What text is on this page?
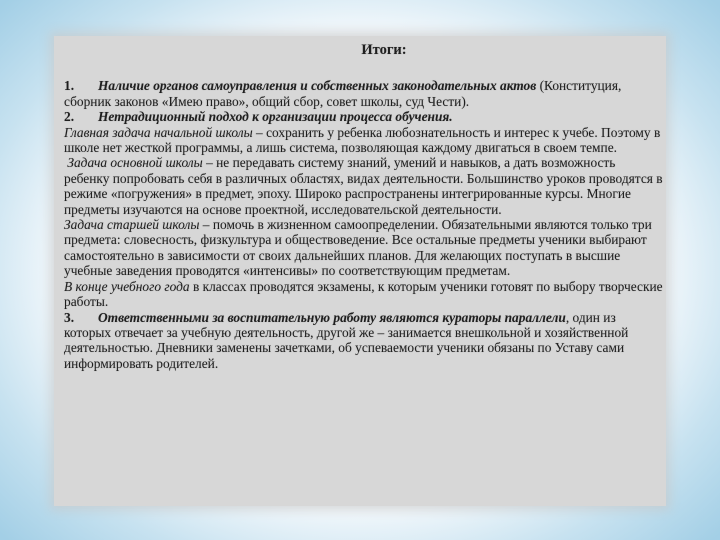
Итоги:

1. Наличие органов самоуправления и собственных законодательных актов (Конституция, сборник законов «Имею право», общий сбор, совет школы, суд Чести).

2. Нетрадиционный подход к организации процесса обучения.

Главная задача начальной школы – сохранить у ребенка любознательность и интерес к учебе. Поэтому в школе нет жесткой программы, а лишь система, позволяющая каждому двигаться в своем темпе.

Задача основной школы – не передавать систему знаний, умений и навыков, а дать возможность ребенку попробовать себя в различных областях, видах деятельности. Большинство уроков проводятся в режиме «погружения» в предмет, эпоху. Широко распространены интегрированные курсы. Многие предметы изучаются на основе проектной, исследовательской деятельности.

Задача старшей школы – помочь в жизненном самоопределении. Обязательными являются только три предмета: словесность, физкультура и обществоведение. Все остальные предметы ученики выбирают самостоятельно в зависимости от своих дальнейших планов. Для желающих поступать в высшие учебные заведения проводятся «интенсивы» по соответствующим предметам.

В конце учебного года в классах проводятся экзамены, к которым ученики готовят по выбору творческие работы.

3. Ответственными за воспитательную работу являются кураторы параллели, один из которых отвечает за учебную деятельность, другой же – занимается внешкольной и хозяйственной деятельностью. Дневники заменены зачетками, об успеваемости ученики обязаны по Уставу сами информировать родителей.
